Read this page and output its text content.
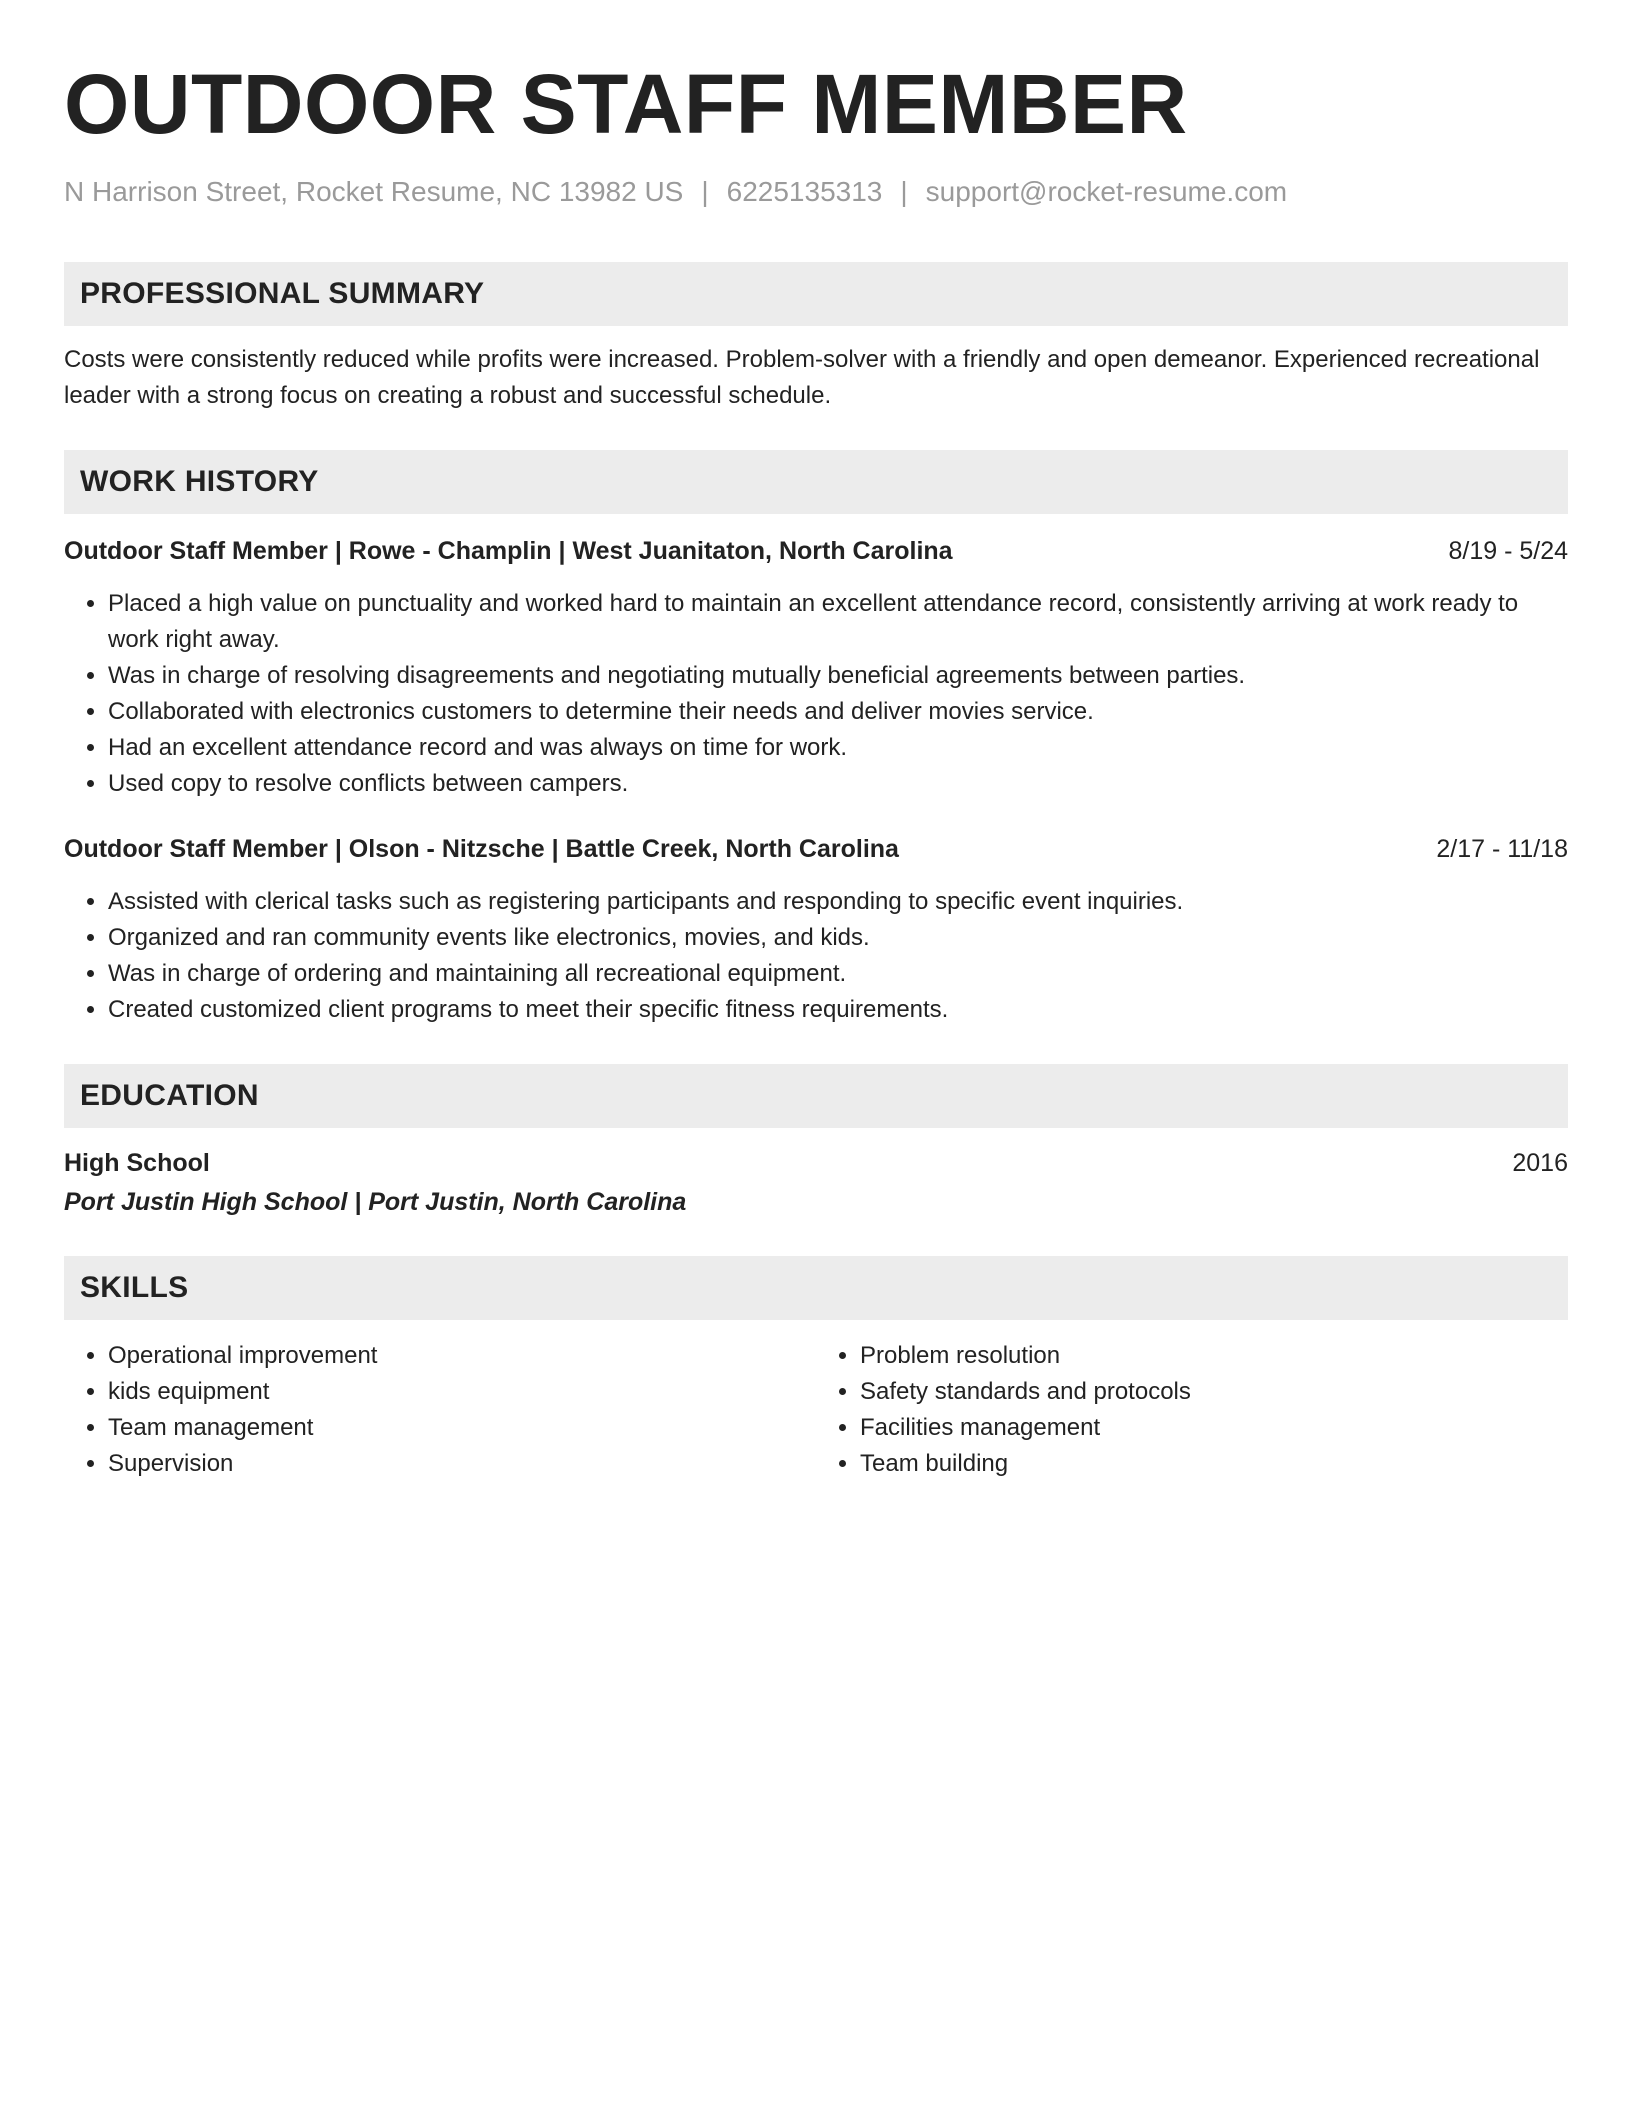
OUTDOOR STAFF MEMBER
N Harrison Street, Rocket Resume, NC 13982 US | 6225135313 | support@rocket-resume.com
PROFESSIONAL SUMMARY
Costs were consistently reduced while profits were increased. Problem-solver with a friendly and open demeanor. Experienced recreational leader with a strong focus on creating a robust and successful schedule.
WORK HISTORY
Outdoor Staff Member | Rowe - Champlin | West Juanitaton, North Carolina	8/19 - 5/24
• Placed a high value on punctuality and worked hard to maintain an excellent attendance record, consistently arriving at work ready to work right away.
• Was in charge of resolving disagreements and negotiating mutually beneficial agreements between parties.
• Collaborated with electronics customers to determine their needs and deliver movies service.
• Had an excellent attendance record and was always on time for work.
• Used copy to resolve conflicts between campers.
Outdoor Staff Member | Olson - Nitzsche | Battle Creek, North Carolina	2/17 - 11/18
• Assisted with clerical tasks such as registering participants and responding to specific event inquiries.
• Organized and ran community events like electronics, movies, and kids.
• Was in charge of ordering and maintaining all recreational equipment.
• Created customized client programs to meet their specific fitness requirements.
EDUCATION
High School	2016
Port Justin High School | Port Justin, North Carolina
SKILLS
• Operational improvement
• kids equipment
• Team management
• Supervision
• Problem resolution
• Safety standards and protocols
• Facilities management
• Team building
